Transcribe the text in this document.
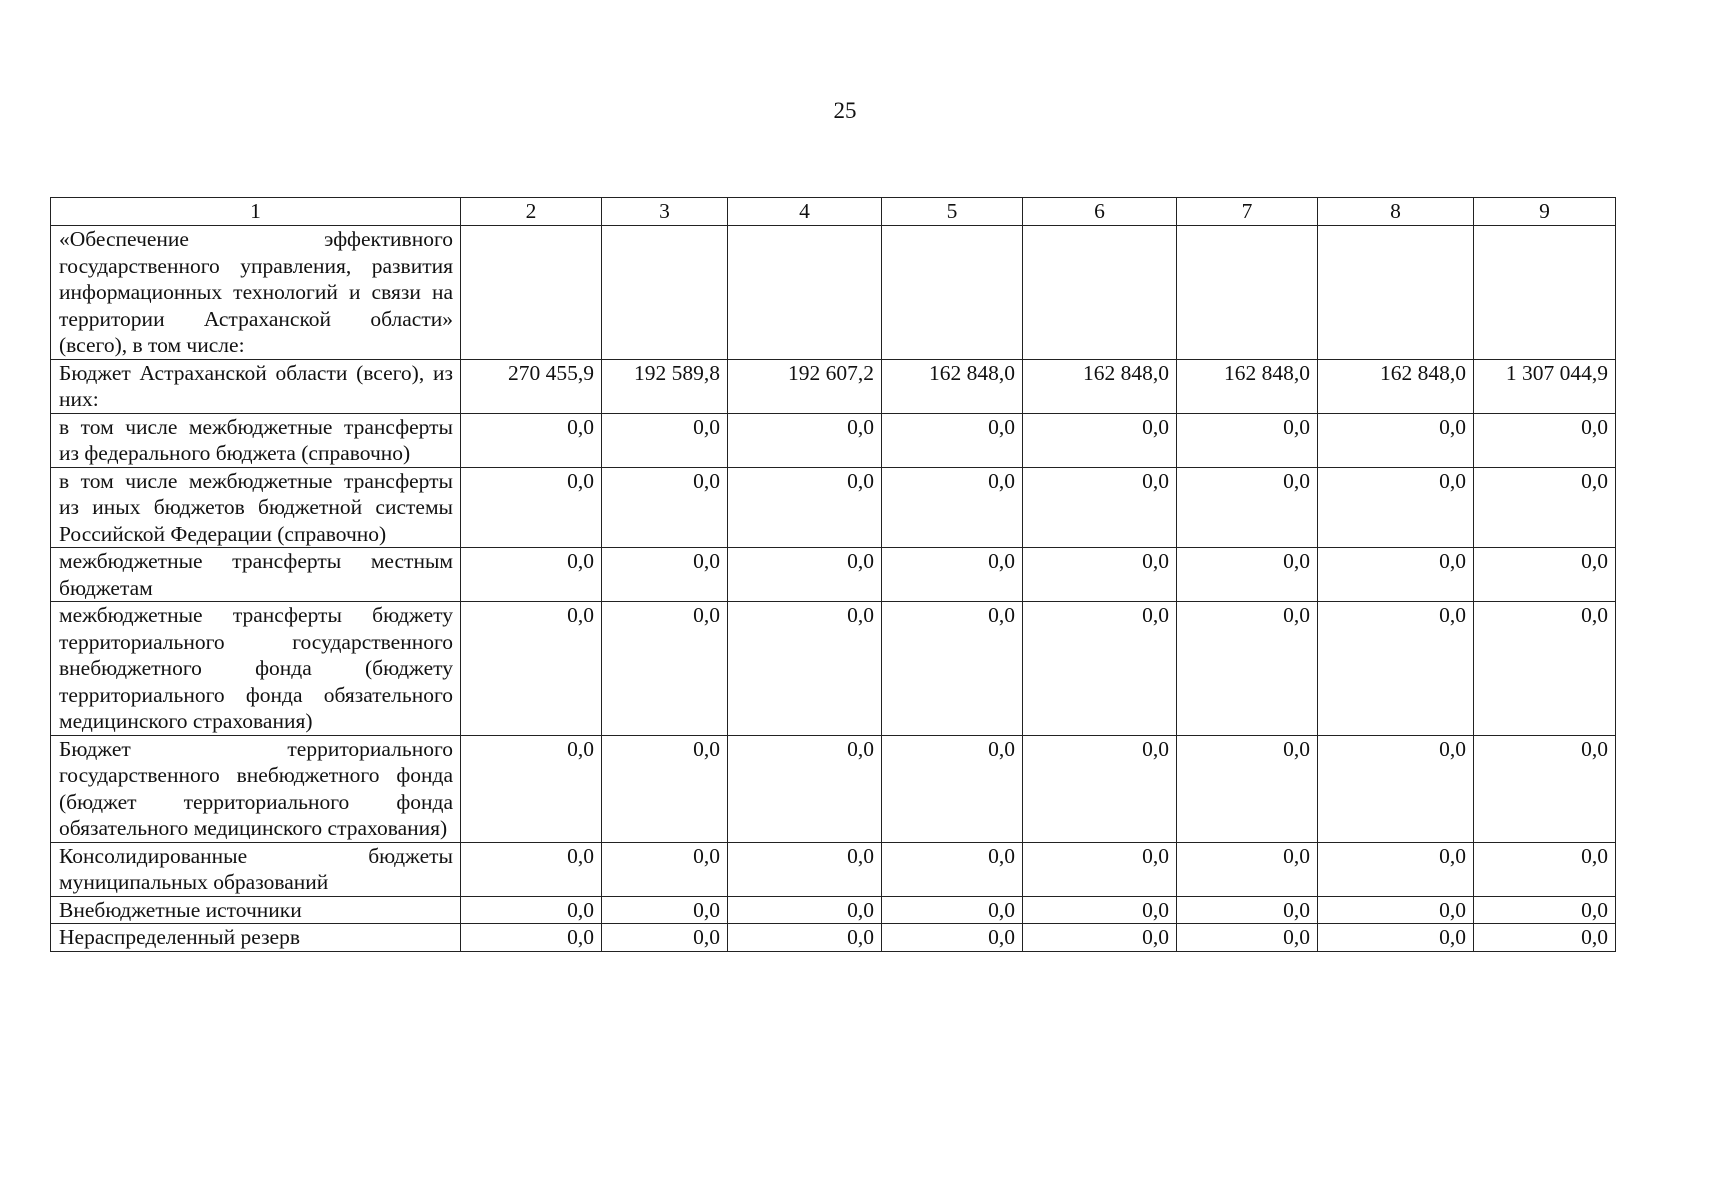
25
1	2	3	4	5	6	7	8	9
«Обеспечение эффективного государственного управления, развития информационных технологий и связи на территории Астраханской области» (всего), в том числе:								
Бюджет Астраханской области (всего), из них:	270 455,9	192 589,8	192 607,2	162 848,0	162 848,0	162 848,0	162 848,0	1 307 044,9
в том числе межбюджетные трансферты из федерального бюджета (справочно)	0,0	0,0	0,0	0,0	0,0	0,0	0,0	0,0
в том числе межбюджетные трансферты из иных бюджетов бюджетной системы Российской Федерации (справочно)	0,0	0,0	0,0	0,0	0,0	0,0	0,0	0,0
межбюджетные трансферты местным бюджетам	0,0	0,0	0,0	0,0	0,0	0,0	0,0	0,0
межбюджетные трансферты бюджету территориального государственного внебюджетного фонда (бюджету территориального фонда обязательного медицинского страхования)	0,0	0,0	0,0	0,0	0,0	0,0	0,0	0,0
Бюджет территориального государственного внебюджетного фонда (бюджет территориального фонда обязательного медицинского страхования)	0,0	0,0	0,0	0,0	0,0	0,0	0,0	0,0
Консолидированные бюджеты муниципальных образований	0,0	0,0	0,0	0,0	0,0	0,0	0,0	0,0
Внебюджетные источники	0,0	0,0	0,0	0,0	0,0	0,0	0,0	0,0
Нераспределенный резерв	0,0	0,0	0,0	0,0	0,0	0,0	0,0	0,0
